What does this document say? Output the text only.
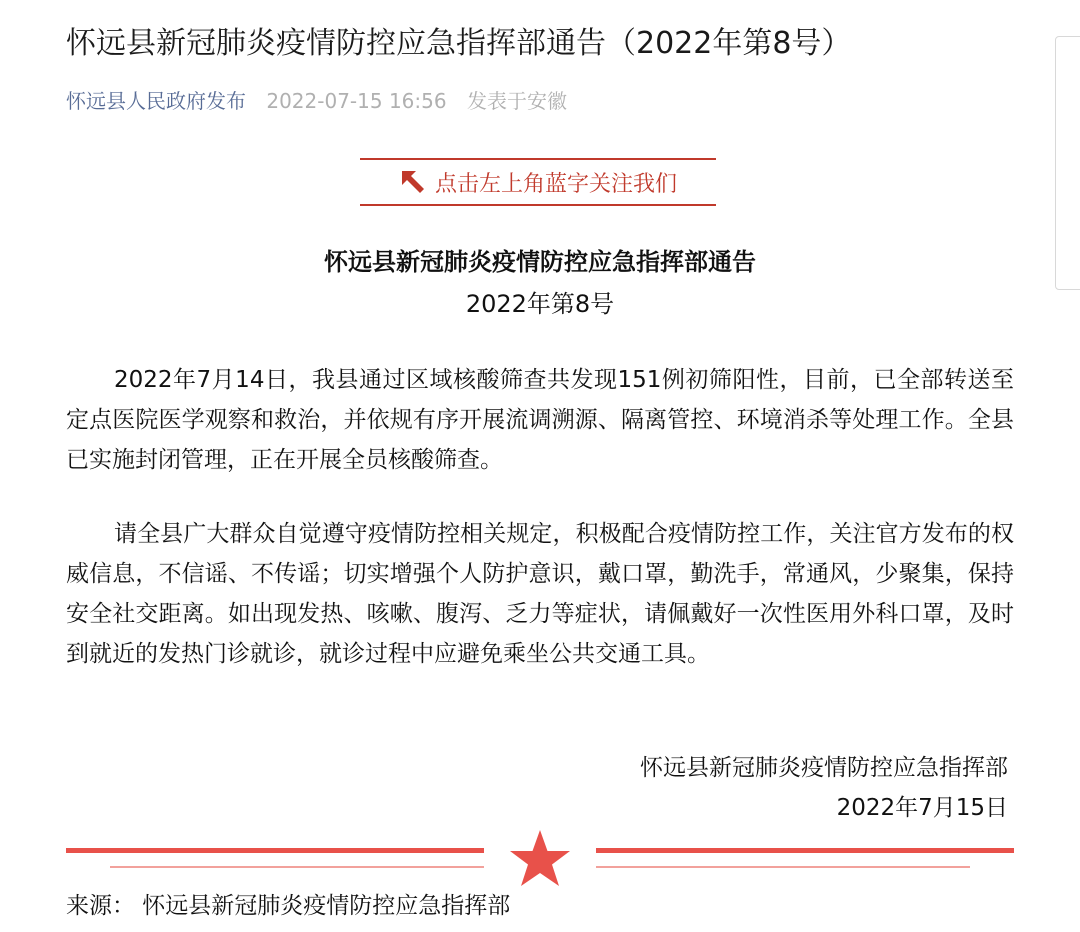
怀远县新冠肺炎疫情防控应急指挥部通告（2022年第8号）
怀远县人民政府发布 2022-07-15 16:56 发表于安徽
点击左上角蓝字关注我们
怀远县新冠肺炎疫情防控应急指挥部通告
2022年第8号
2022年7月14日，我县通过区域核酸筛查共发现151例初筛阳性，目前，已全部转送至定点医院医学观察和救治，并依规有序开展流调溯源、隔离管控、环境消杀等处理工作。全县已实施封闭管理，正在开展全员核酸筛查。
请全县广大群众自觉遵守疫情防控相关规定，积极配合疫情防控工作，关注官方发布的权威信息，不信谣、不传谣；切实增强个人防护意识，戴口罩，勤洗手，常通风，少聚集，保持安全社交距离。如出现发热、咳嗽、腹泻、乏力等症状，请佩戴好一次性医用外科口罩，及时到就近的发热门诊就诊，就诊过程中应避免乘坐公共交通工具。
怀远县新冠肺炎疫情防控应急指挥部
2022年7月15日
来源： 怀远县新冠肺炎疫情防控应急指挥部
